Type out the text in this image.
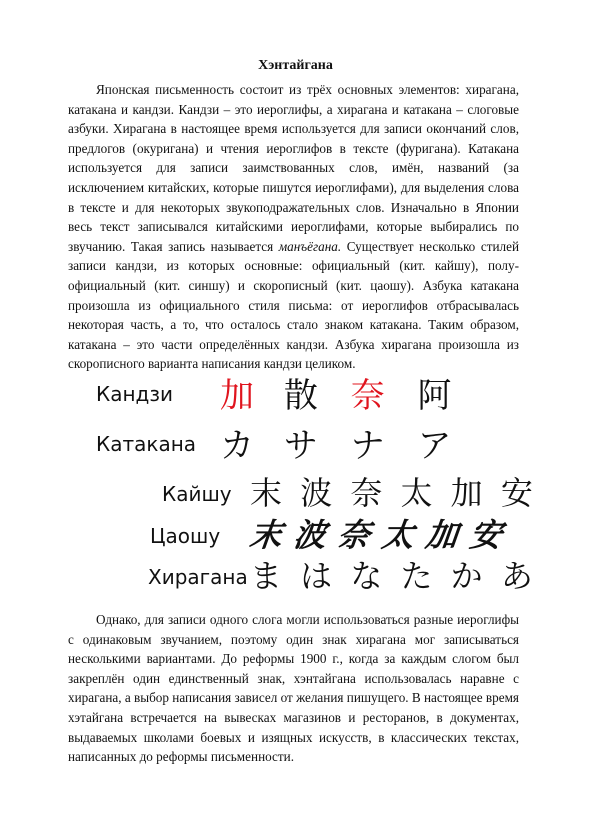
Хэнтайгана

Японская письменность состоит из трёх основных элементов: хирагана, катакана и кандзи. Кандзи – это иероглифы, а хирагана и катакана – слоговые азбуки. Хирагана в настоящее время используется для записи окончаний слов, предлогов (окуригана) и чтения иероглифов в тексте (фуригана). Катакана используется для записи заимствованных слов, имён, названий (за исключением китайских, которые пишутся иероглифами), для выделения слова в тексте и для некоторых звукоподражательных слов. Изначально в Японии весь текст записывался китайскими иероглифами, которые выбирались по звучанию. Такая запись называется манъёгана. Существует несколько стилей записи кандзи, из которых основные: официальный (кит. кайшу), полу-официальный (кит. синшу) и скорописный (кит. цаошу). Азбука катакана произошла из официального стиля письма: от иероглифов отбрасывалась некоторая часть, а то, что осталось стало знаком катакана. Таким образом, катакана – это части определённых кандзи. Азбука хирагана произошла из скорописного варианта написания кандзи целиком.

Кандзи 加 散 奈 阿
Катакана カ サ ナ ア
Кайшу 末 波 奈 太 加 安
Цаошу 末 波 奈 太 加 安
Хирагана ま は な た か あ

Однако, для записи одного слога могли использоваться разные иероглифы с одинаковым звучанием, поэтому один знак хирагана мог записываться несколькими вариантами. До реформы 1900 г., когда за каждым слогом был закреплён один единственный знак, хэнтайгана использовалась наравне с хирагана, а выбор написания зависел от желания пишущего. В настоящее время хэтайгана встречается на вывесках магазинов и ресторанов, в документах, выдаваемых школами боевых и изящных искусств, в классических текстах, написанных до реформы письменности.
